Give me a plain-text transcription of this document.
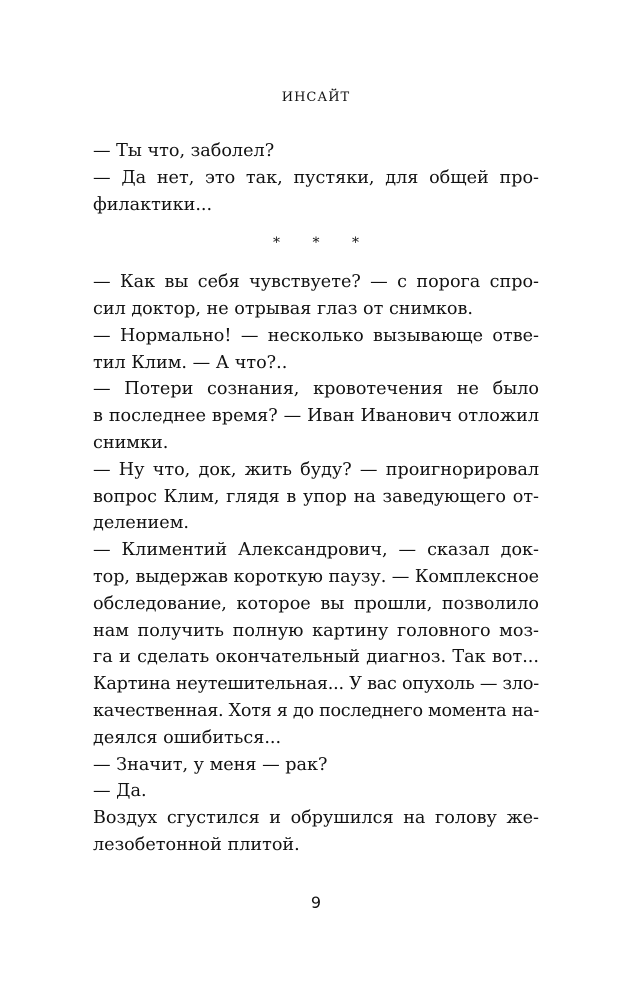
ИНСАЙТ
— Ты что, заболел?
— Да нет, это так, пустяки, для общей про-
филактики...
* * *
— Как вы себя чувствуете? — с порога спро-
сил доктор, не отрывая глаз от снимков.
— Нормально! — несколько вызывающе отве-
тил Клим. — А что?..
— Потери сознания, кровотечения не было
в последнее время? — Иван Иванович отложил
снимки.
— Ну что, док, жить буду? — проигнорировал
вопрос Клим, глядя в упор на заведующего от-
делением.
— Климентий Александрович, — сказал док-
тор, выдержав короткую паузу. — Комплексное
обследование, которое вы прошли, позволило
нам получить полную картину головного моз-
га и сделать окончательный диагноз. Так вот...
Картина неутешительная... У вас опухоль — зло-
качественная. Хотя я до последнего момента на-
деялся ошибиться...
— Значит, у меня — рак?
— Да.
Воздух сгустился и обрушился на голову же-
лезобетонной плитой.
9
